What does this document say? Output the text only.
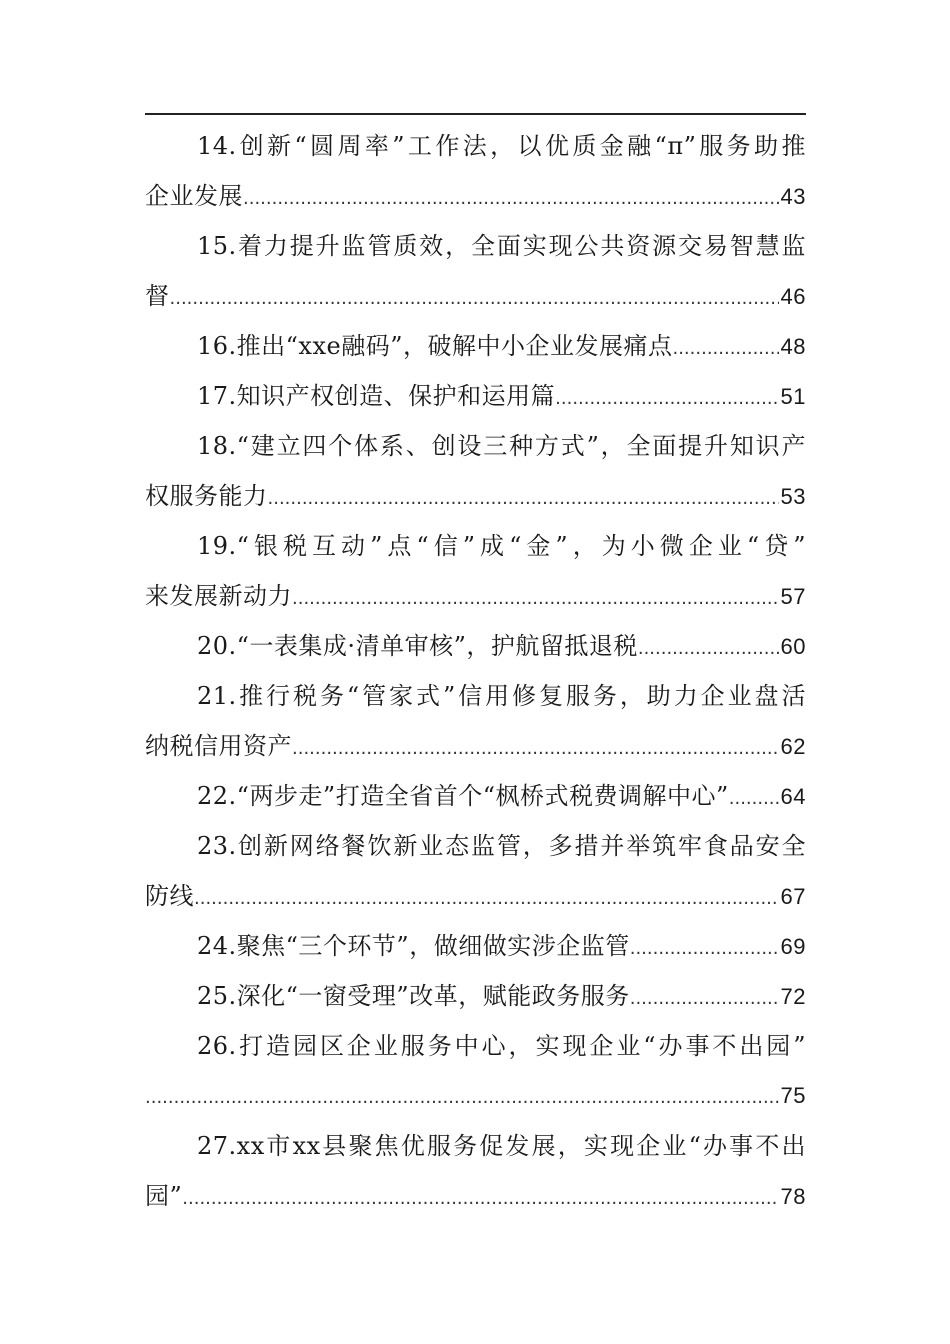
14.创新“圆周率”工作法，以优质金融“π”服务助推
企业发展 .....	43
15.着力提升监管质效，全面实现公共资源交易智慧监
督 .....	46
16.推出“xxe融码”，破解中小企业发展痛点 .....	48
17.知识产权创造、保护和运用篇 .....	51
18.“建立四个体系、创设三种方式”，全面提升知识产
权服务能力 .....	53
19.“银税互动”点“信”成“金”，为小微企业“贷”
来发展新动力 .....	57
20.“一表集成·清单审核”，护航留抵退税 .....	60
21.推行税务“管家式”信用修复服务，助力企业盘活
纳税信用资产 .....	62
22.“两步走”打造全省首个“枫桥式税费调解中心” ..... 64
23.创新网络餐饮新业态监管，多措并举筑牢食品安全
防线 .....	67
24.聚焦“三个环节”，做细做实涉企监管 .....	69
25.深化“一窗受理”改革，赋能政务服务 .....	72
26.打造园区企业服务中心，实现企业“办事不出园”
.....
75
27.xx市xx县聚焦优服务促发展，实现企业“办事不出
园” .....	78
